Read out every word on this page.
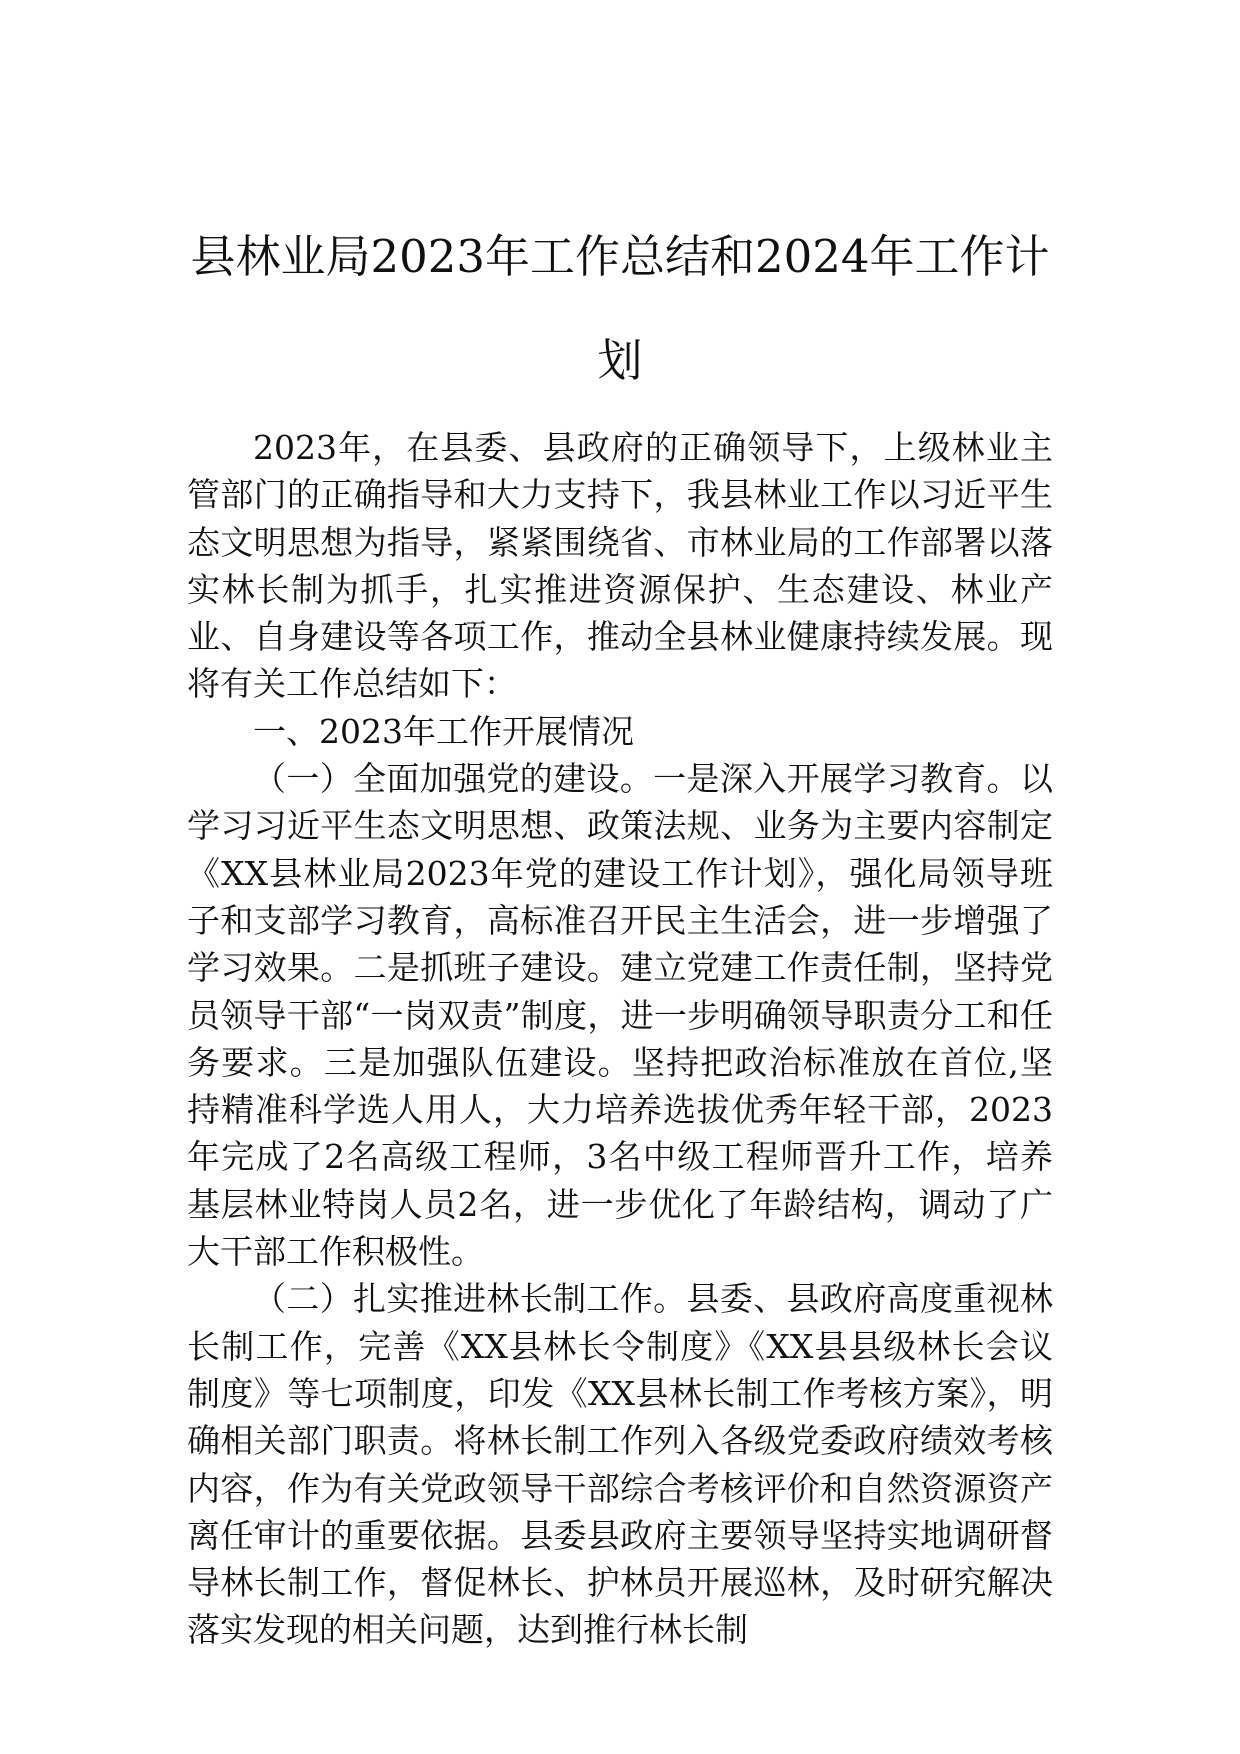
县林业局2023年工作总结和2024年工作计划

2023年，在县委、县政府的正确领导下，上级林业主管部门的正确指导和大力支持下，我县林业工作以习近平生态文明思想为指导，紧紧围绕省、市林业局的工作部署以落实林长制为抓手，扎实推进资源保护、生态建设、林业产业、自身建设等各项工作，推动全县林业健康持续发展。现将有关工作总结如下：

一、2023年工作开展情况

（一）全面加强党的建设。一是深入开展学习教育。以学习习近平生态文明思想、政策法规、业务为主要内容制定《XX县林业局2023年党的建设工作计划》，强化局领导班子和支部学习教育，高标准召开民主生活会，进一步增强了学习效果。二是抓班子建设。建立党建工作责任制，坚持党员领导干部“一岗双责”制度，进一步明确领导职责分工和任务要求。三是加强队伍建设。坚持把政治标准放在首位,坚持精准科学选人用人，大力培养选拔优秀年轻干部，2023年完成了2名高级工程师，3名中级工程师晋升工作，培养基层林业特岗人员2名，进一步优化了年龄结构，调动了广大干部工作积极性。

（二）扎实推进林长制工作。县委、县政府高度重视林长制工作，完善《XX县林长令制度》《XX县县级林长会议制度》等七项制度，印发《XX县林长制工作考核方案》，明确相关部门职责。将林长制工作列入各级党委政府绩效考核内容，作为有关党政领导干部综合考核评价和自然资源资产离任审计的重要依据。县委县政府主要领导坚持实地调研督导林长制工作，督促林长、护林员开展巡林，及时研究解决落实发现的相关问题，达到推行林长制
